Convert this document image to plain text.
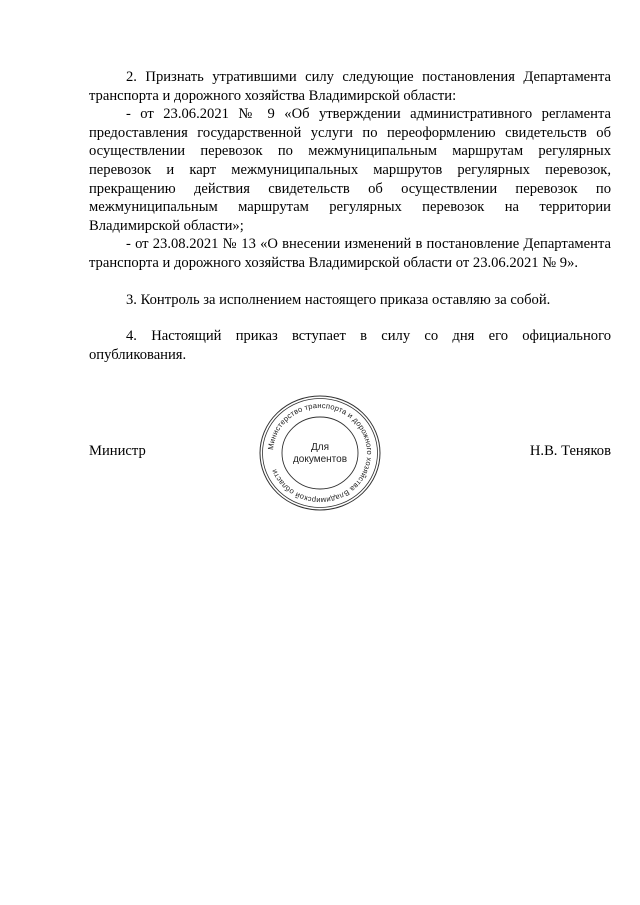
2. Признать утратившими силу следующие постановления Департамента транспорта и дорожного хозяйства Владимирской области:

- от 23.06.2021 № 9 «Об утверждении административного регламента предоставления государственной услуги по переоформлению свидетельств об осуществлении перевозок по межмуниципальным маршрутам регулярных перевозок и карт межмуниципальных маршрутов регулярных перевозок, прекращению действия свидетельств об осуществлении перевозок по межмуниципальным маршрутам регулярных перевозок на территории Владимирской области»;

- от 23.08.2021 № 13 «О внесении изменений в постановление Департамента транспорта и дорожного хозяйства Владимирской области от 23.06.2021 № 9».

3. Контроль за исполнением настоящего приказа оставляю за собой.

4. Настоящий приказ вступает в силу со дня его официального опубликования.

Министр	Н.В. Теняков
Министерство транспорта и дорожного хозяйства Владимирской области
Для
документов
